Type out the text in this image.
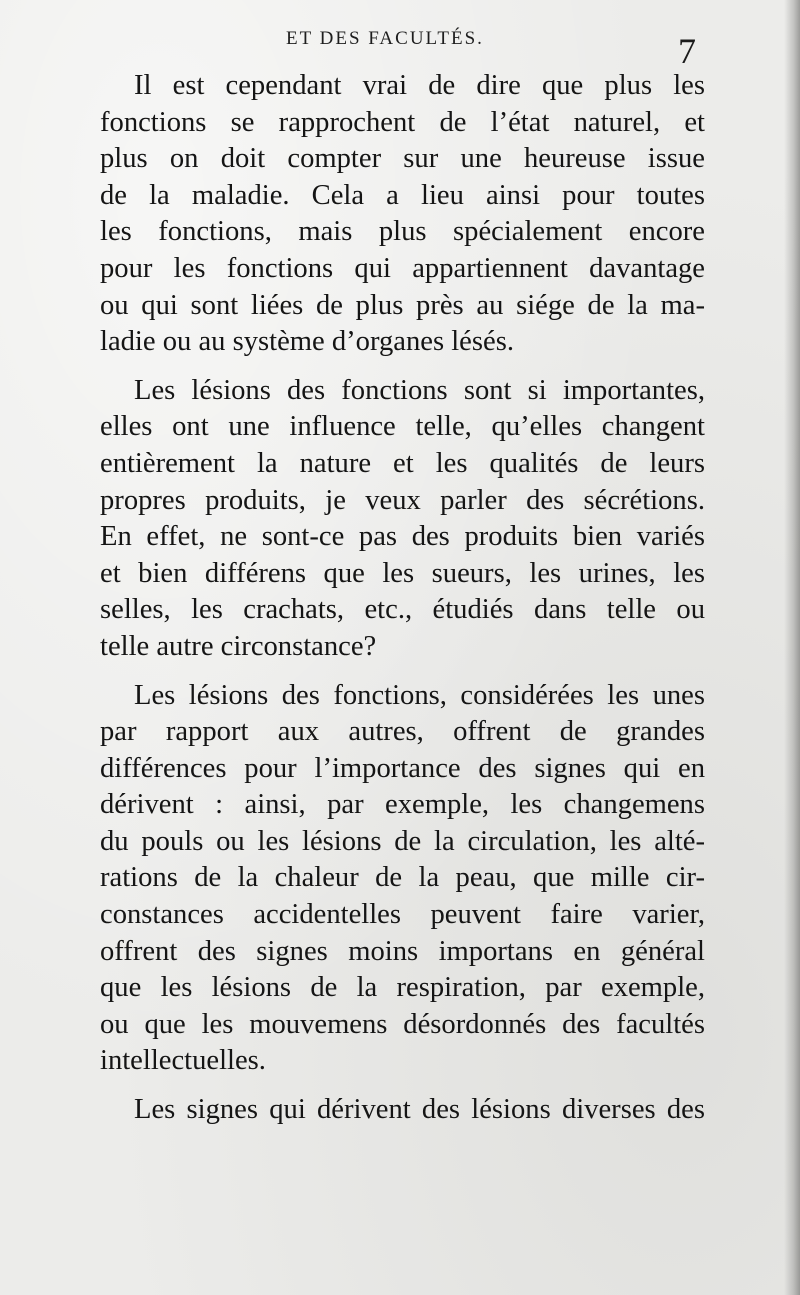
ET DES FACULTÉS.	7
Il est cependant vrai de dire que plus les
fonctions se rapprochent de l’état naturel, et
plus on doit compter sur une heureuse issue
de la maladie. Cela a lieu ainsi pour toutes
les fonctions, mais plus spécialement encore
pour les fonctions qui appartiennent davantage
ou qui sont liées de plus près au siége de la ma-
ladie ou au système d’organes lésés.
Les lésions des fonctions sont si importantes,
elles ont une influence telle, qu’elles changent
entièrement la nature et les qualités de leurs
propres produits, je veux parler des sécrétions.
En effet, ne sont-ce pas des produits bien variés
et bien différens que les sueurs, les urines, les
selles, les crachats, etc., étudiés dans telle ou
telle autre circonstance?
Les lésions des fonctions, considérées les unes
par rapport aux autres, offrent de grandes
différences pour l’importance des signes qui en
dérivent : ainsi, par exemple, les changemens
du pouls ou les lésions de la circulation, les alté-
rations de la chaleur de la peau, que mille cir-
constances accidentelles peuvent faire varier,
offrent des signes moins importans en général
que les lésions de la respiration, par exemple,
ou que les mouvemens désordonnés des facultés
intellectuelles.
Les signes qui dérivent des lésions diverses des
